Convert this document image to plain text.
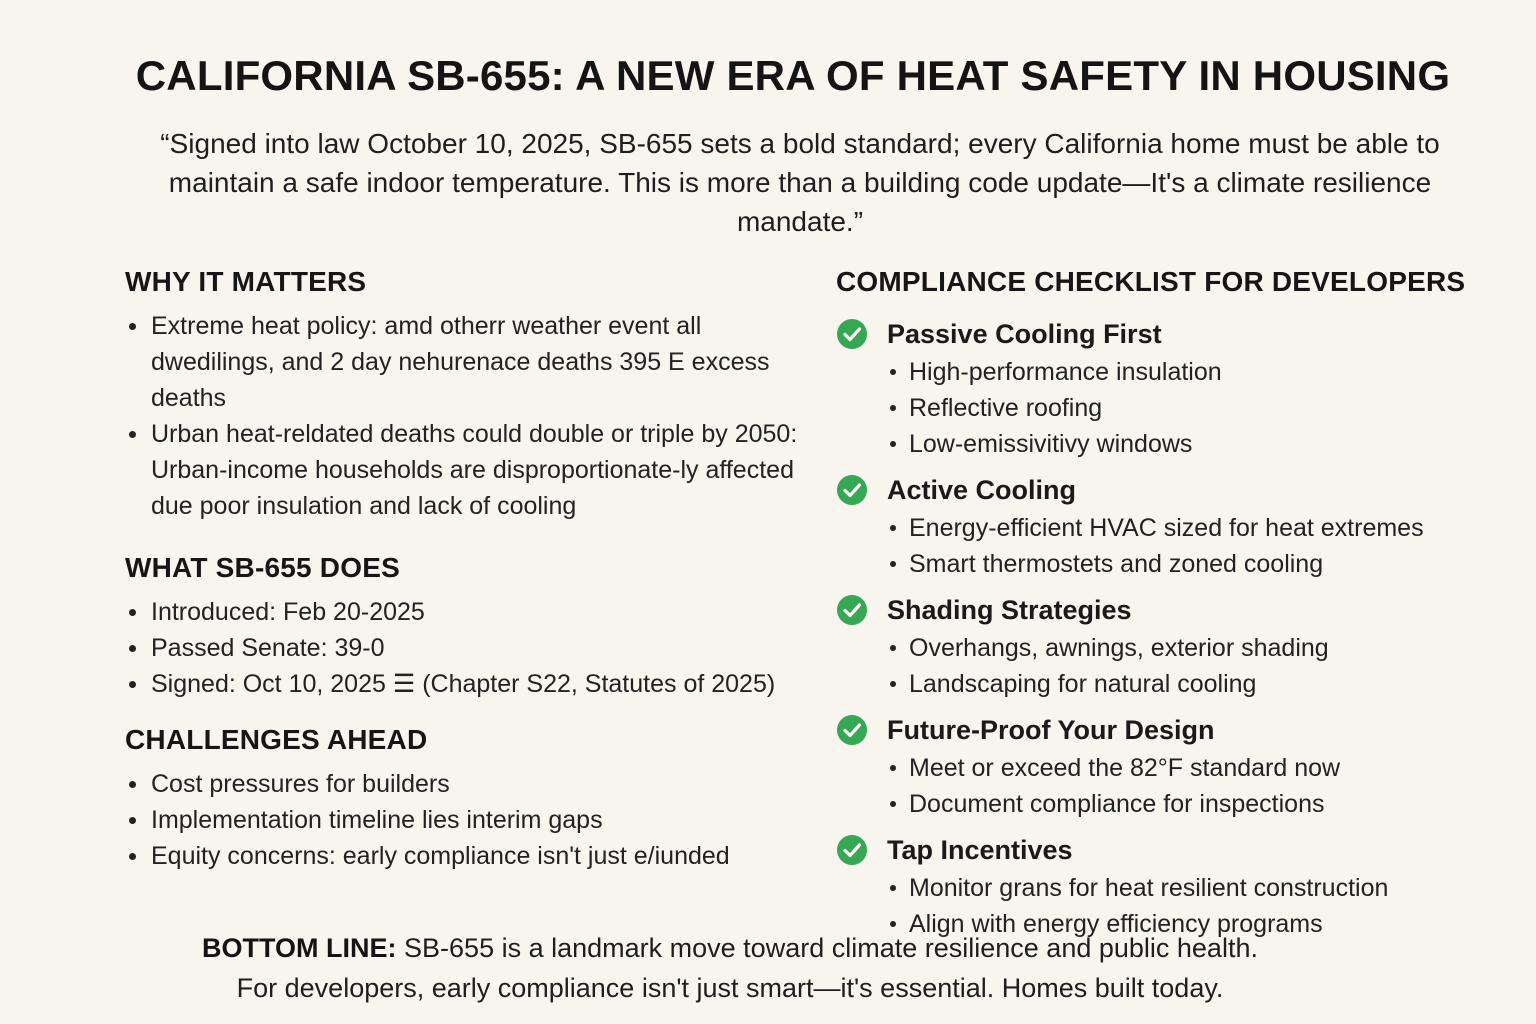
CALIFORNIA SB-655: A NEW ERA OF HEAT SAFETY IN HOUSING
“Signed into law October 10, 2025, SB-655 sets a bold standard; every California home must be able to maintain a safe indoor temperature. This is more than a building code update—It's a climate resilience mandate.”
WHY IT MATTERS
Extreme heat policy: amd otherr weather event all dwedilings, and 2 day nehurenace deaths 395 E excess deaths
Urban heat-reldated deaths could double or triple by 2050: Urban-income households are disproportionate-ly affected due poor insulation and lack of cooling
WHAT SB-655 DOES
Introduced: Feb 20-2025
Passed Senate: 39-0
Signed: Oct 10, 2025 ☰ (Chapter S22, Statutes of 2025)
CHALLENGES AHEAD
Cost pressures for builders
Implementation timeline lies interim gaps
Equity concerns: early compliance isn't just e/iunded
COMPLIANCE CHECKLIST FOR DEVELOPERS
Passive Cooling First
High-performance insulation
Reflective roofing
Low-emissivitivy windows
Active Cooling
Energy-efficient HVAC sized for heat extremes
Smart thermostets and zoned cooling
Shading Strategies
Overhangs, awnings, exterior shading
Landscaping for natural cooling
Future-Proof Your Design
Meet or exceed the 82°F standard now
Document compliance for inspections
Tap Incentives
Monitor grans for heat resilient construction
Align with energy efficiency programs
BOTTOM LINE: SB-655 is a landmark move toward climate resilience and public health.
For developers, early compliance isn't just smart—it's essential. Homes built today.
